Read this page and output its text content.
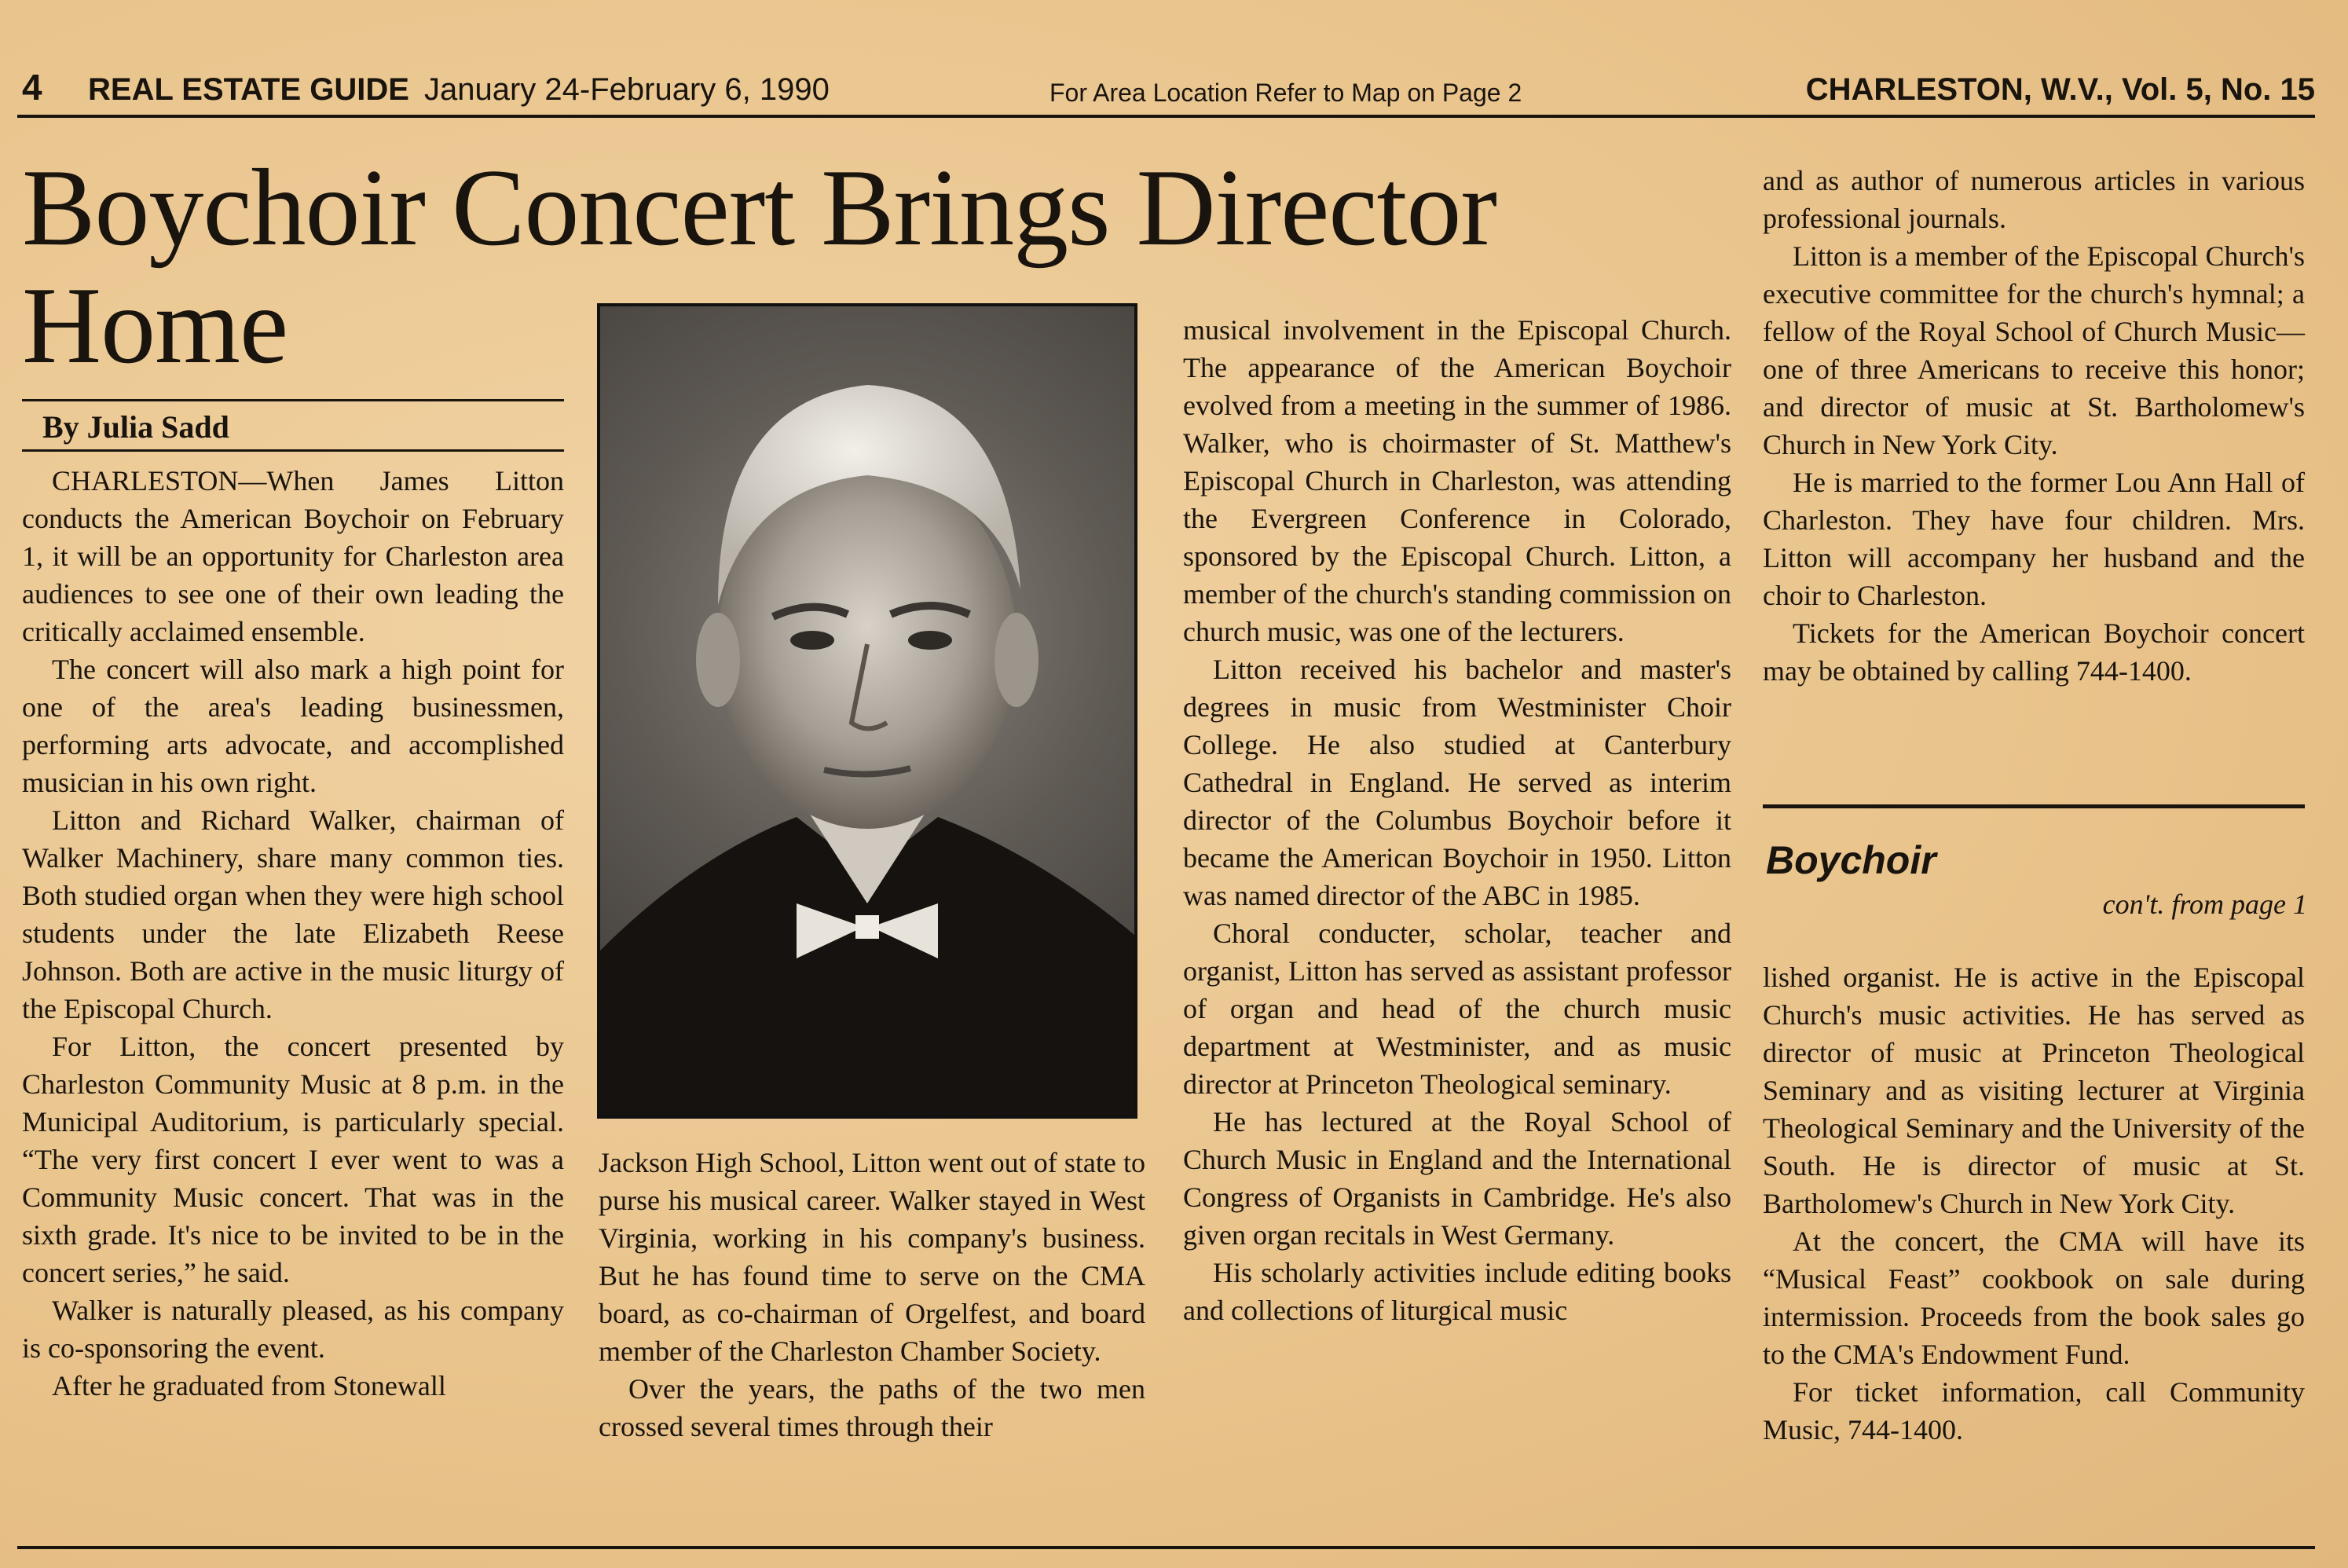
4 REAL ESTATE GUIDE January 24-February 6, 1990	For Area Location Refer to Map on Page 2	CHARLESTON, W.V., Vol. 5, No. 15
Boychoir Concert Brings Director Home
By Julia Sadd

CHARLESTON—When James Litton conducts the American Boychoir on February 1, it will be an opportunity for Charleston area audiences to see one of their own leading the critically acclaimed ensemble.

The concert will also mark a high point for one of the area's leading businessmen, performing arts advocate, and accomplished musician in his own right.

Litton and Richard Walker, chairman of Walker Machinery, share many common ties. Both studied organ when they were high school students under the late Elizabeth Reese Johnson. Both are active in the music liturgy of the Episcopal Church.

For Litton, the concert presented by Charleston Community Music at 8 p.m. in the Municipal Auditorium, is particularly special. “The very first concert I ever went to was a Community Music concert. That was in the sixth grade. It's nice to be invited to be in the concert series,” he said.

Walker is naturally pleased, as his company is co-sponsoring the event.

After he graduated from Stonewall

Jackson High School, Litton went out of state to purse his musical career. Walker stayed in West Virginia, working in his company's business. But he has found time to serve on the CMA board, as co-chairman of Orgelfest, and board member of the Charleston Chamber Society.

Over the years, the paths of the two men crossed several times through their

musical involvement in the Episcopal Church. The appearance of the American Boychoir evolved from a meeting in the summer of 1986. Walker, who is choirmaster of St. Matthew's Episcopal Church in Charleston, was attending the Evergreen Conference in Colorado, sponsored by the Episcopal Church. Litton, a member of the church's standing commission on church music, was one of the lecturers.

Litton received his bachelor and master's degrees in music from Westminister Choir College. He also studied at Canterbury Cathedral in England. He served as interim director of the Columbus Boychoir before it became the American Boychoir in 1950. Litton was named director of the ABC in 1985.

Choral conducter, scholar, teacher and organist, Litton has served as assistant professor of organ and head of the church music department at Westminister, and as music director at Princeton Theological seminary.

He has lectured at the Royal School of Church Music in England and the International Congress of Organists in Cambridge. He's also given organ recitals in West Germany.

His scholarly activities include editing books and collections of liturgical music

and as author of numerous articles in various professional journals.

Litton is a member of the Episcopal Church's executive committee for the church's hymnal; a fellow of the Royal School of Church Music—one of three Americans to receive this honor; and director of music at St. Bartholomew's Church in New York City.

He is married to the former Lou Ann Hall of Charleston. They have four children. Mrs. Litton will accompany her husband and the choir to Charleston.

Tickets for the American Boychoir concert may be obtained by calling 744-1400.

Boychoir
con't. from page 1

lished organist. He is active in the Episcopal Church's music activities. He has served as director of music at Princeton Theological Seminary and as visiting lecturer at Virginia Theological Seminary and the University of the South. He is director of music at St. Bartholomew's Church in New York City.

At the concert, the CMA will have its “Musical Feast” cookbook on sale during intermission. Proceeds from the book sales go to the CMA's Endowment Fund.

For ticket information, call Community Music, 744-1400.
